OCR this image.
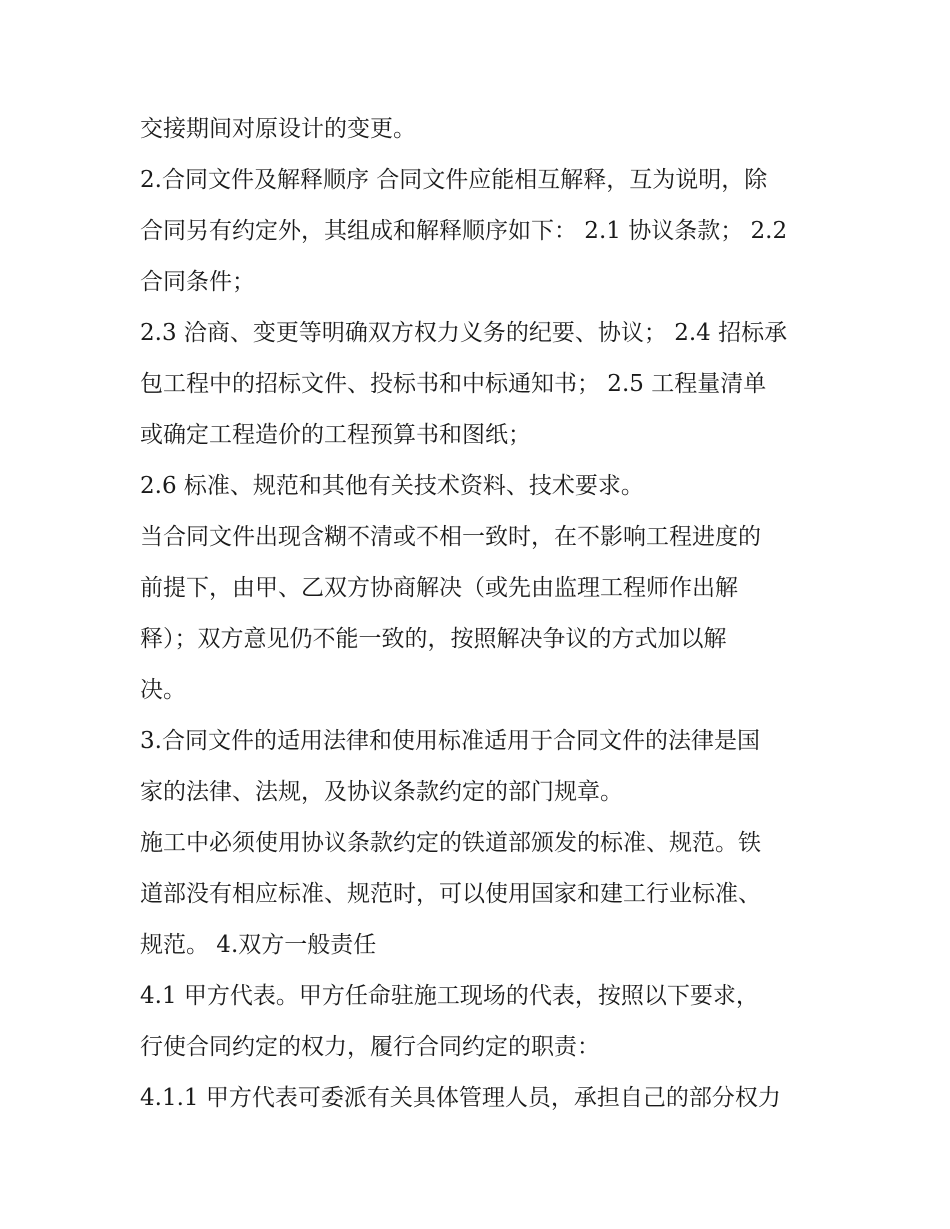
交接期间对原设计的变更。
2.合同文件及解释顺序 合同文件应能相互解释，互为说明，除
合同另有约定外，其组成和解释顺序如下： 2.1 协议条款； 2.2
合同条件；
2.3 洽商、变更等明确双方权力义务的纪要、协议； 2.4 招标承
包工程中的招标文件、投标书和中标通知书； 2.5 工程量清单
或确定工程造价的工程预算书和图纸；
2.6 标准、规范和其他有关技术资料、技术要求。
当合同文件出现含糊不清或不相一致时，在不影响工程进度的
前提下，由甲、乙双方协商解决（或先由监理工程师作出解
释）；双方意见仍不能一致的，按照解决争议的方式加以解
决。
3.合同文件的适用法律和使用标准适用于合同文件的法律是国
家的法律、法规，及协议条款约定的部门规章。
施工中必须使用协议条款约定的铁道部颁发的标准、规范。铁
道部没有相应标准、规范时，可以使用国家和建工行业标准、
规范。 4.双方一般责任
4.1 甲方代表。甲方任命驻施工现场的代表，按照以下要求，
行使合同约定的权力，履行合同约定的职责：
4.1.1 甲方代表可委派有关具体管理人员，承担自己的部分权力
